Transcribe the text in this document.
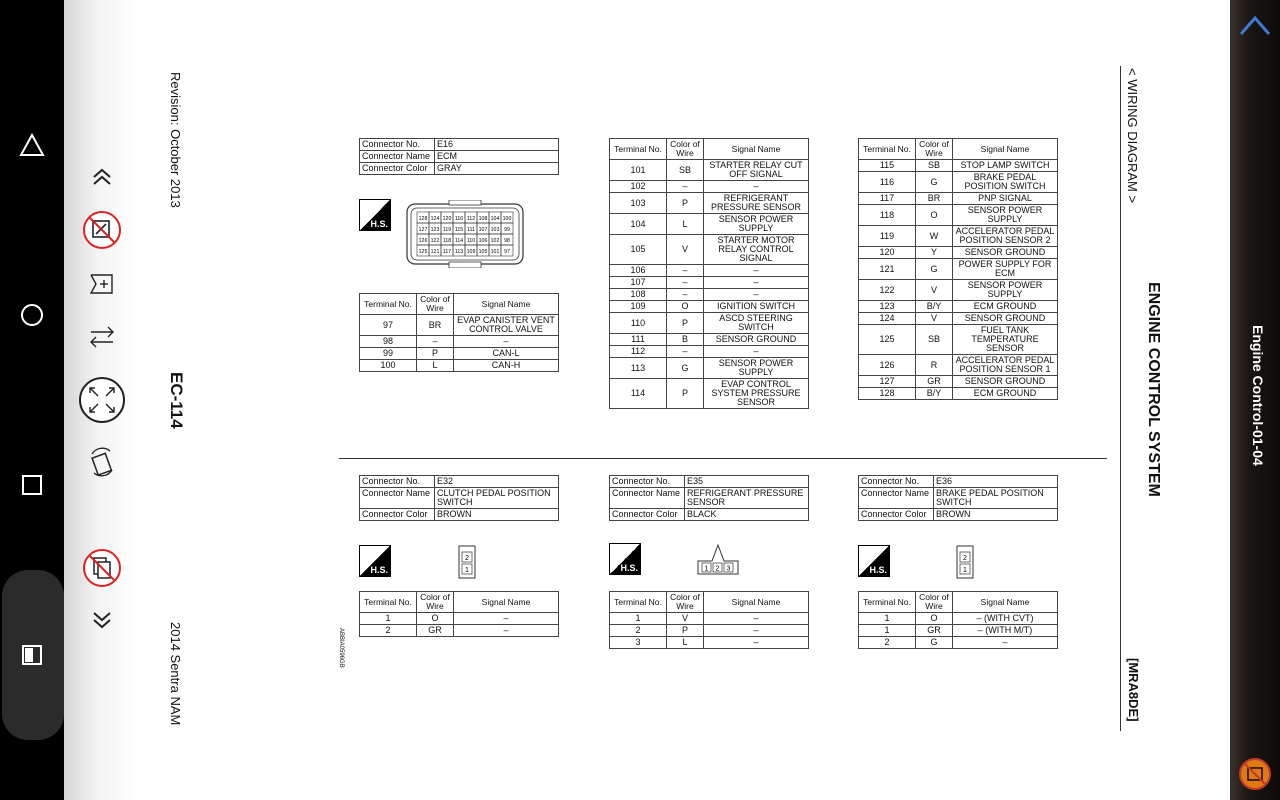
Revision: October 2013
EC-114
2014 Sentra NAM
< WIRING DIAGRAM >
ENGINE CONTROL SYSTEM
[MRA8DE]
ABBIA0596GB
Connector No.	E16
Connector Name	ECM
Connector Color	GRAY
H.S.	128 124 120 116 112 108 104 100
127 123 119 115 111 107 103 99
126 122 118 114 110 106 102 98
125 121 117 113 109 105 101 97
Terminal No.	Color of Wire	Signal Name
97	BR	EVAP CANISTER VENT CONTROL VALVE
98	–	–
99	P	CAN-L
100	L	CAN-H
Terminal No.	Color of Wire	Signal Name
101	SB	STARTER RELAY CUT OFF SIGNAL
102	–	–
103	P	REFRIGERANT PRESSURE SENSOR
104	L	SENSOR POWER SUPPLY
105	V	STARTER MOTOR RELAY CONTROL SIGNAL
106	–	–
107	–	–
108	–	–
109	O	IGNITION SWITCH
110	P	ASCD STEERING SWITCH
111	B	SENSOR GROUND
112	–	–
113	G	SENSOR POWER SUPPLY
114	P	EVAP CONTROL SYSTEM PRESSURE SENSOR
Terminal No.	Color of Wire	Signal Name
115	SB	STOP LAMP SWITCH
116	G	BRAKE PEDAL POSITION SWITCH
117	BR	PNP SIGNAL
118	O	SENSOR POWER SUPPLY
119	W	ACCELERATOR PEDAL POSITION SENSOR 2
120	Y	SENSOR GROUND
121	G	POWER SUPPLY FOR ECM
122	V	SENSOR POWER SUPPLY
123	B/Y	ECM GROUND
124	V	SENSOR GROUND
125	SB	FUEL TANK TEMPERATURE SENSOR
126	R	ACCELERATOR PEDAL POSITION SENSOR 1
127	GR	SENSOR GROUND
128	B/Y	ECM GROUND
Connector No.	E32
Connector Name	CLUTCH PEDAL POSITION SWITCH
Connector Color	BROWN
H.S.
2
1
Terminal No.	Color of Wire	Signal Name
1	O	–
2	GR	–
Connector No.	E35
Connector Name	REFRIGERANT PRESSURE SENSOR
Connector Color	BLACK
H.S.	1 2 3
Terminal No.	Color of Wire	Signal Name
1	V	–
2	P	–
3	L	–
Connector No.	E36
Connector Name	BRAKE PEDAL POSITION SWITCH
Connector Color	BROWN
H.S.
2
1
Terminal No.	Color of Wire	Signal Name
1	O	– (WITH CVT)
1	GR	– (WITH M/T)
2	G	–
Engine Control-01-04
